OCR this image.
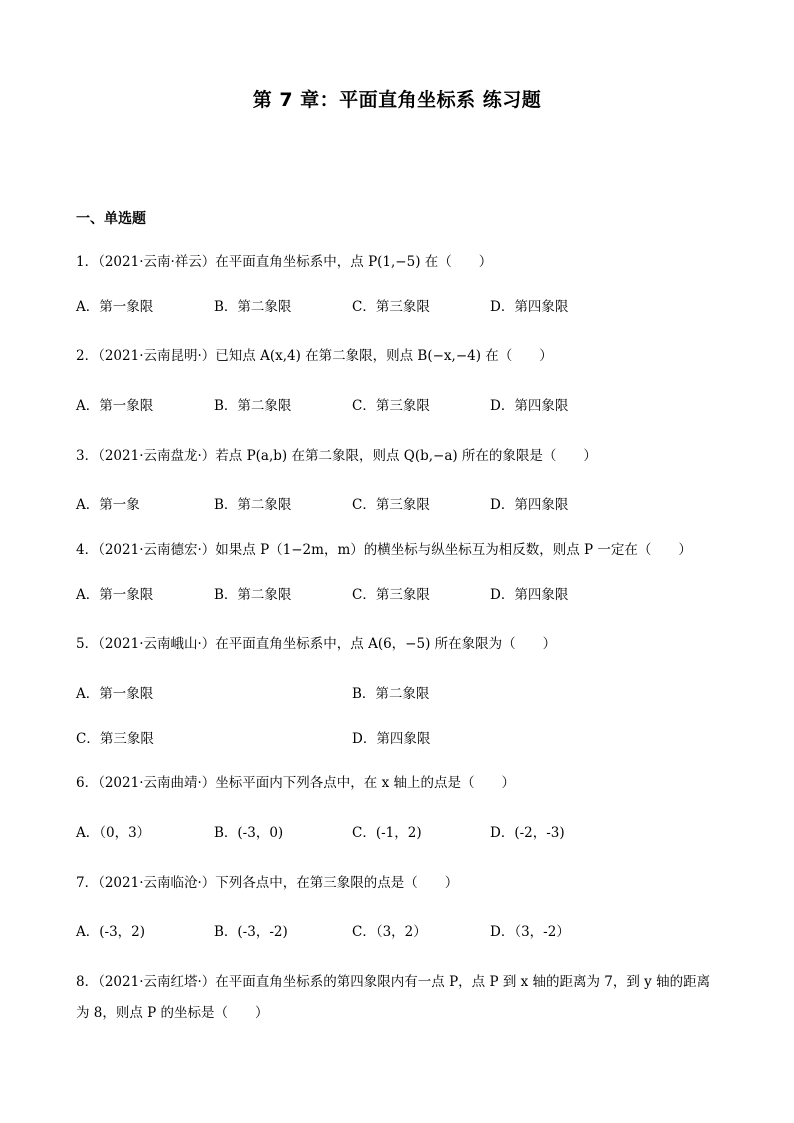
第 7 章：平面直角坐标系 练习题
一、单选题
1．（2021·云南·祥云）在平面直角坐标系中，点 P(1,−5) 在（　　）
A．第一象限	B．第二象限	C．第三象限	D．第四象限
2．（2021·云南昆明·）已知点 A(x,4) 在第二象限，则点 B(−x,−4) 在（　　）
A．第一象限	B．第二象限	C．第三象限	D．第四象限
3．（2021·云南盘龙·）若点 P(a,b) 在第二象限，则点 Q(b,−a) 所在的象限是（　　）
A．第一象	B．第二象限	C．第三象限	D．第四象限
4．（2021·云南德宏·）如果点 P（1−2m，m）的横坐标与纵坐标互为相反数，则点 P 一定在（　　）
A．第一象限	B．第二象限	C．第三象限	D．第四象限
5．（2021·云南峨山·）在平面直角坐标系中，点 A(6，−5) 所在象限为（　　）
A．第一象限	B．第二象限
C．第三象限	D．第四象限
6．（2021·云南曲靖·）坐标平面内下列各点中，在 x 轴上的点是（　　）
A．（0，3）	B．(-3，0)	C．(-1，2)	D．(-2，-3)
7．（2021·云南临沧·）下列各点中，在第三象限的点是（　　）
A．(-3，2)	B．(-3，-2)	C．（3，2）	D．（3，-2）
8．（2021·云南红塔·）在平面直角坐标系的第四象限内有一点 P，点 P 到 x 轴的距离为 7，到 y 轴的距离
为 8，则点 P 的坐标是（　　）
